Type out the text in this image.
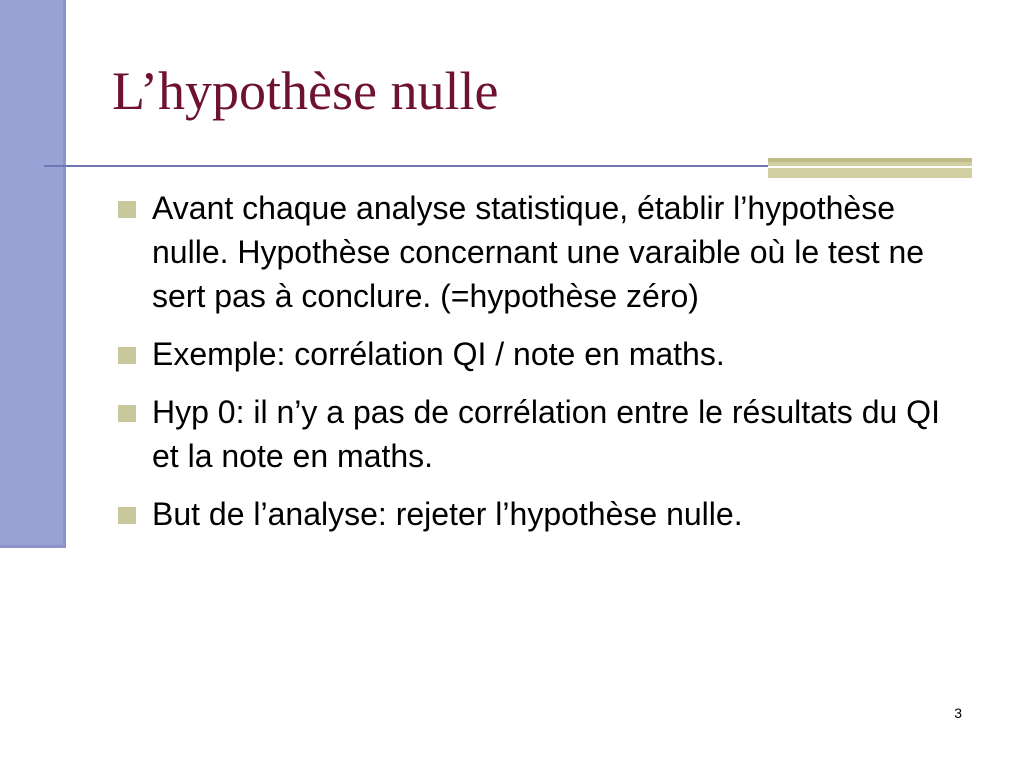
L’hypothèse nulle
Avant chaque analyse statistique, établir l’hypothèse nulle. Hypothèse concernant une varaible où le test ne sert pas à conclure. (=hypothèse zéro)
Exemple: corrélation QI / note en maths.
Hyp 0: il n’y a pas de corrélation entre le résultats du QI et la note en maths.
But de l’analyse: rejeter l’hypothèse nulle.
3
